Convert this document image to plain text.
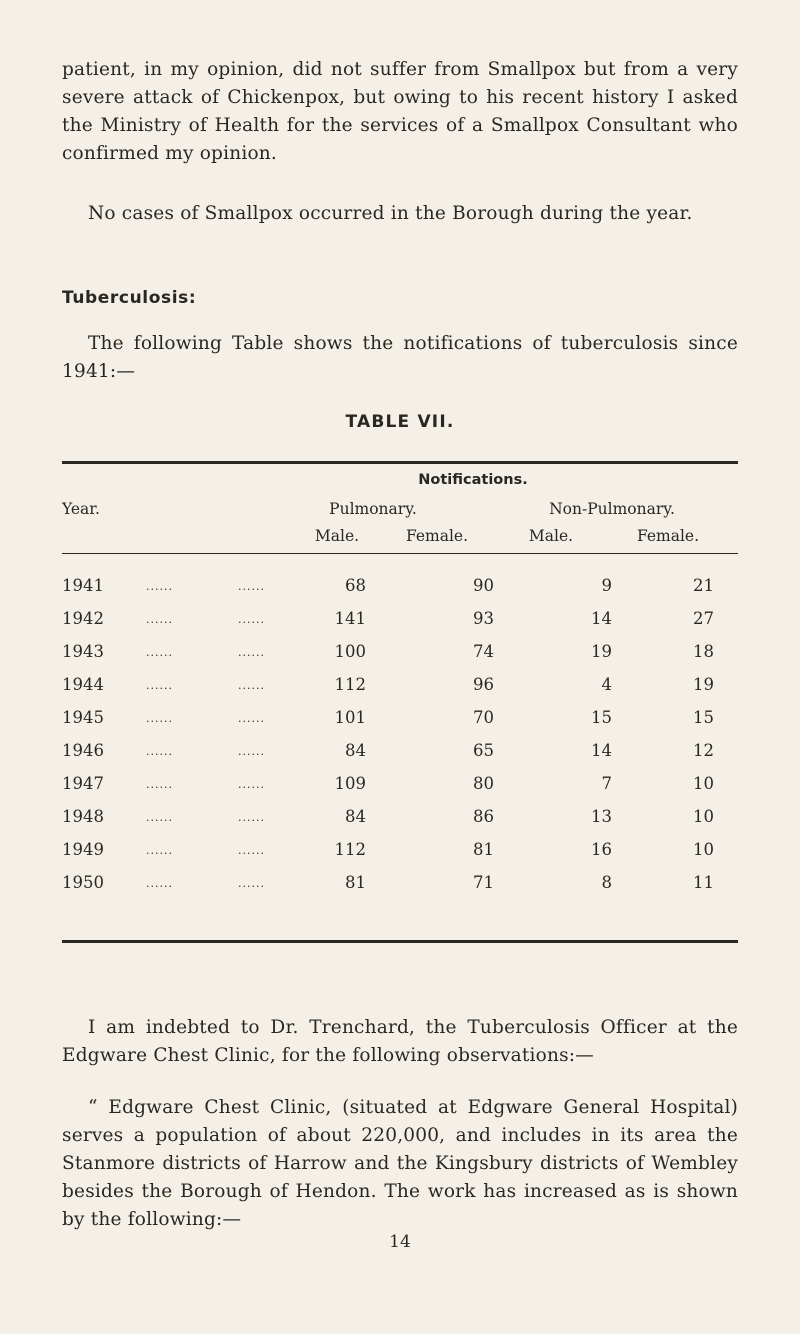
patient, in my opinion, did not suffer from Smallpox but from a very severe attack of Chickenpox, but owing to his recent history I asked the Ministry of Health for the services of a Smallpox Consultant who confirmed my opinion.

No cases of Smallpox occurred in the Borough during the year.

Tuberculosis:

The following Table shows the notifications of tuberculosis since 1941:—

TABLE VII.
Notifications.
Year.	Pulmonary.	Non-Pulmonary.
Male.	Female.	Male.	Female.
1941	......	......	68	90	9	21
1942	......	......	141	93	14	27
1943	......	......	100	74	19	18
1944	......	......	112	96	4	19
1945	......	......	101	70	15	15
1946	......	......	84	65	14	12
1947	......	......	109	80	7	10
1948	......	......	84	86	13	10
1949	......	......	112	81	16	10
1950	......	......	81	71	8	11

I am indebted to Dr. Trenchard, the Tuberculosis Officer at the Edgware Chest Clinic, for the following observations:—

“ Edgware Chest Clinic, (situated at Edgware General Hospital) serves a population of about 220,000, and includes in its area the Stanmore districts of Harrow and the Kingsbury districts of Wembley besides the Borough of Hendon. The work has increased as is shown by the following:—

14
